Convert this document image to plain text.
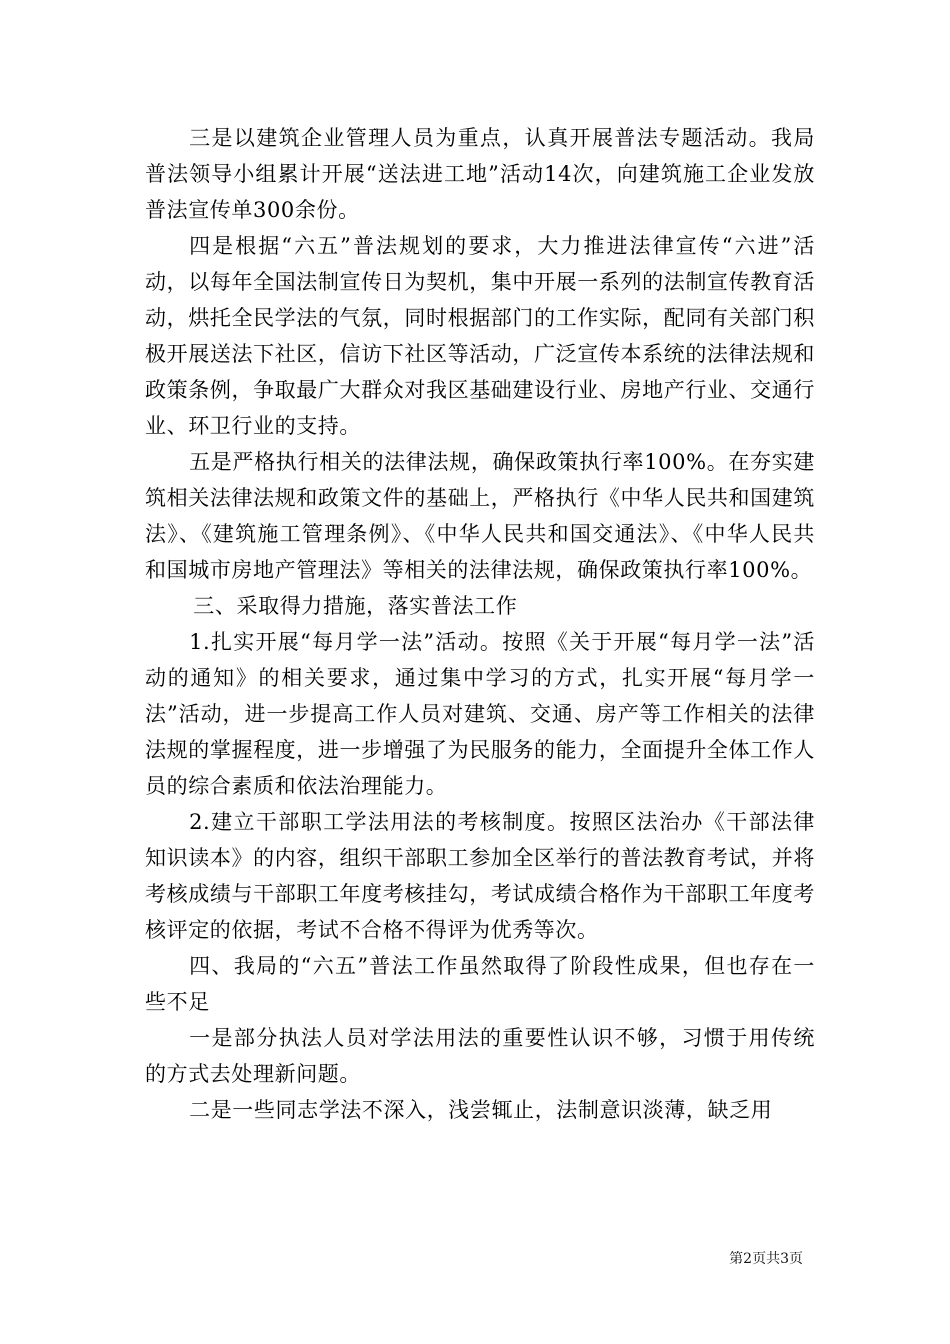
三是以建筑企业管理人员为重点，认真开展普法专题活动。我局普法领导小组累计开展“送法进工地”活动14次，向建筑施工企业发放普法宣传单300余份。

四是根据“六五”普法规划的要求，大力推进法律宣传“六进”活动，以每年全国法制宣传日为契机，集中开展一系列的法制宣传教育活动，烘托全民学法的气氛，同时根据部门的工作实际，配同有关部门积极开展送法下社区，信访下社区等活动，广泛宣传本系统的法律法规和政策条例，争取最广大群众对我区基础建设行业、房地产行业、交通行业、环卫行业的支持。

五是严格执行相关的法律法规，确保政策执行率100%。在夯实建筑相关法律法规和政策文件的基础上，严格执行《中华人民共和国建筑法》、《建筑施工管理条例》、《中华人民共和国交通法》、《中华人民共和国城市房地产管理法》等相关的法律法规，确保政策执行率100%。

三、采取得力措施，落实普法工作

1.扎实开展“每月学一法”活动。按照《关于开展“每月学一法”活动的通知》的相关要求，通过集中学习的方式，扎实开展“每月学一法”活动，进一步提高工作人员对建筑、交通、房产等工作相关的法律法规的掌握程度，进一步增强了为民服务的能力，全面提升全体工作人员的综合素质和依法治理能力。

2.建立干部职工学法用法的考核制度。按照区法治办《干部法律知识读本》的内容，组织干部职工参加全区举行的普法教育考试，并将考核成绩与干部职工年度考核挂勾，考试成绩合格作为干部职工年度考核评定的依据，考试不合格不得评为优秀等次。

四、我局的“六五”普法工作虽然取得了阶段性成果，但也存在一些不足

一是部分执法人员对学法用法的重要性认识不够，习惯于用传统的方式去处理新问题。

二是一些同志学法不深入，浅尝辄止，法制意识淡薄，缺乏用

第2页共3页
